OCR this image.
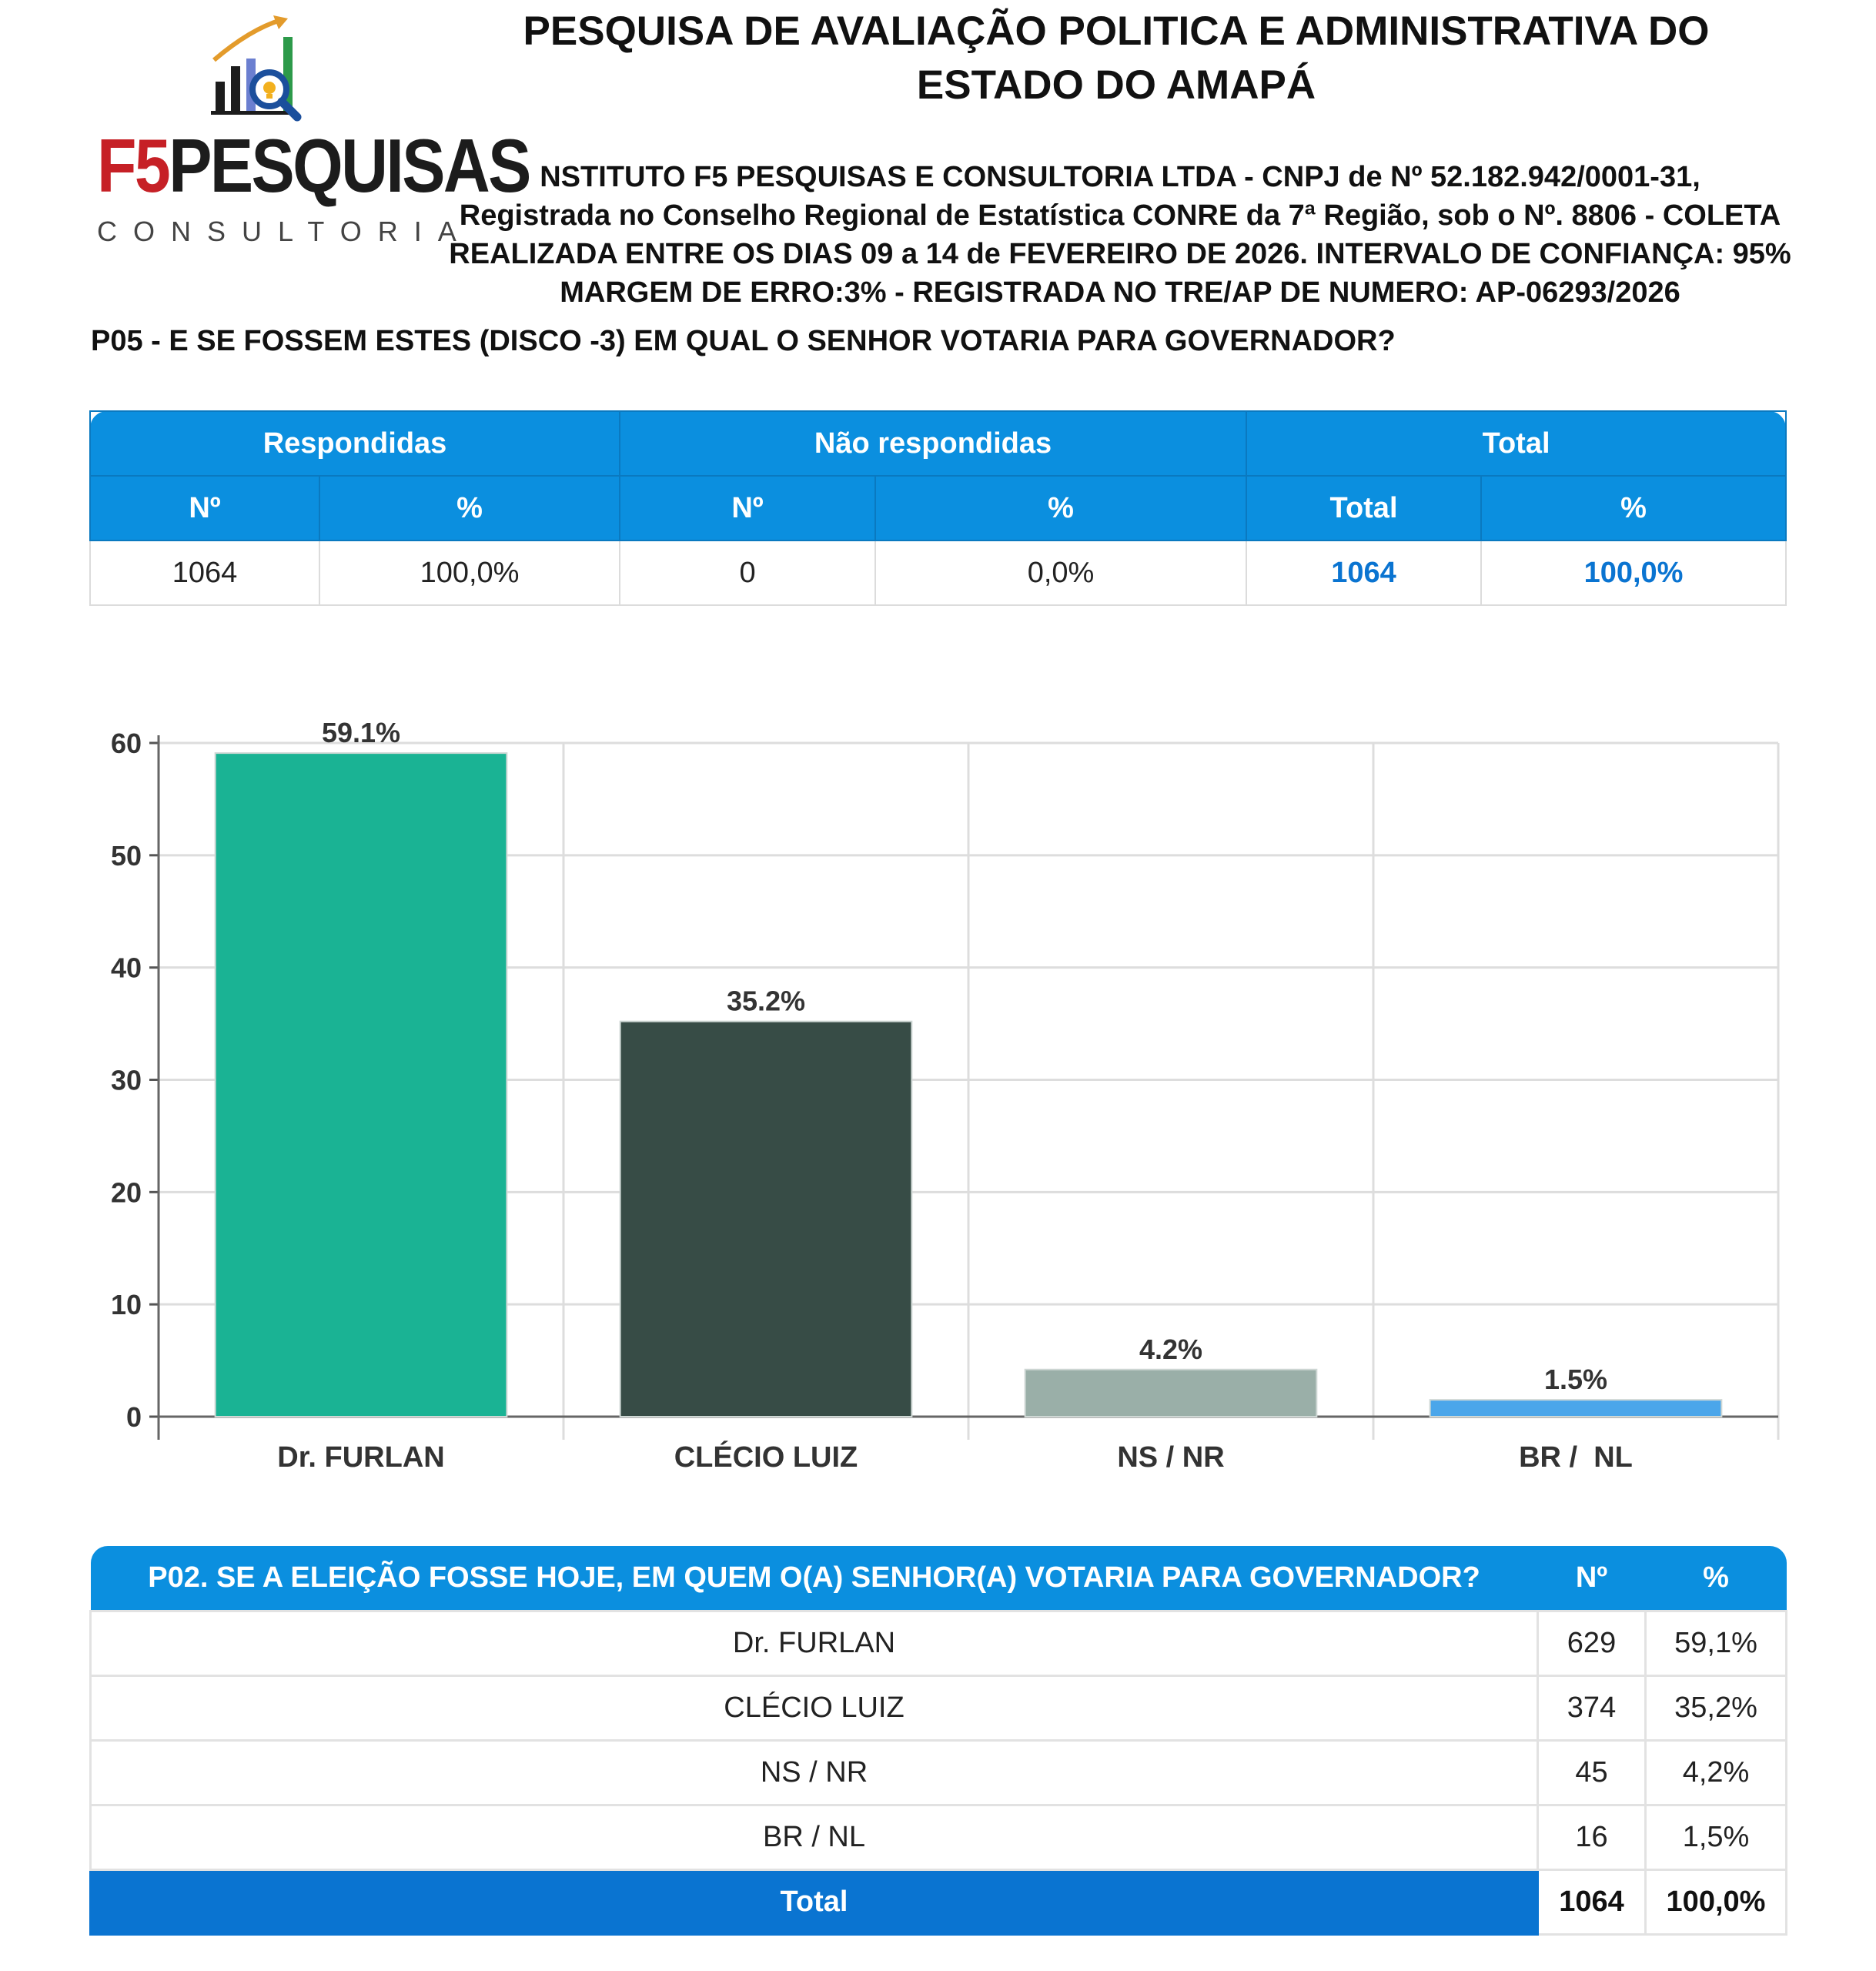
F5PESQUISAS
CONSULTORIA
PESQUISA DE AVALIAÇÃO POLITICA E ADMINISTRATIVA DO
ESTADO DO AMAPÁ
NSTITUTO F5 PESQUISAS E CONSULTORIA LTDA - CNPJ de Nº 52.182.942/0001-31,
Registrada no Conselho Regional de Estatística CONRE da 7ª Região, sob o Nº. 8806 - COLETA
REALIZADA ENTRE OS DIAS 09 a 14 de FEVEREIRO DE 2026. INTERVALO DE CONFIANÇA: 95%
MARGEM DE ERRO:3% - REGISTRADA NO TRE/AP DE NUMERO: AP-06293/2026
P05 - E SE FOSSEM ESTES (DISCO -3) EM QUAL O SENHOR VOTARIA PARA GOVERNADOR?
Respondidas		Não respondidas		Total	
Nº	%	Nº	%	Total	%
1064	100,0%	0	0,0%	1064	100,0%
0
10
20
30
40
50
60	59.1%
Dr. FURLAN
35.2%
CLÉCIO LUIZ
4.2%
NS / NR
1.5%
BR /  NL
P02. SE A ELEIÇÃO FOSSE HOJE, EM QUEM O(A) SENHOR(A) VOTARIA PARA GOVERNADOR?	Nº	%
Dr. FURLAN	629	59,1%
CLÉCIO LUIZ	374	35,2%
NS / NR	45	4,2%
BR / NL	16	1,5%
Total	1064	100,0%
